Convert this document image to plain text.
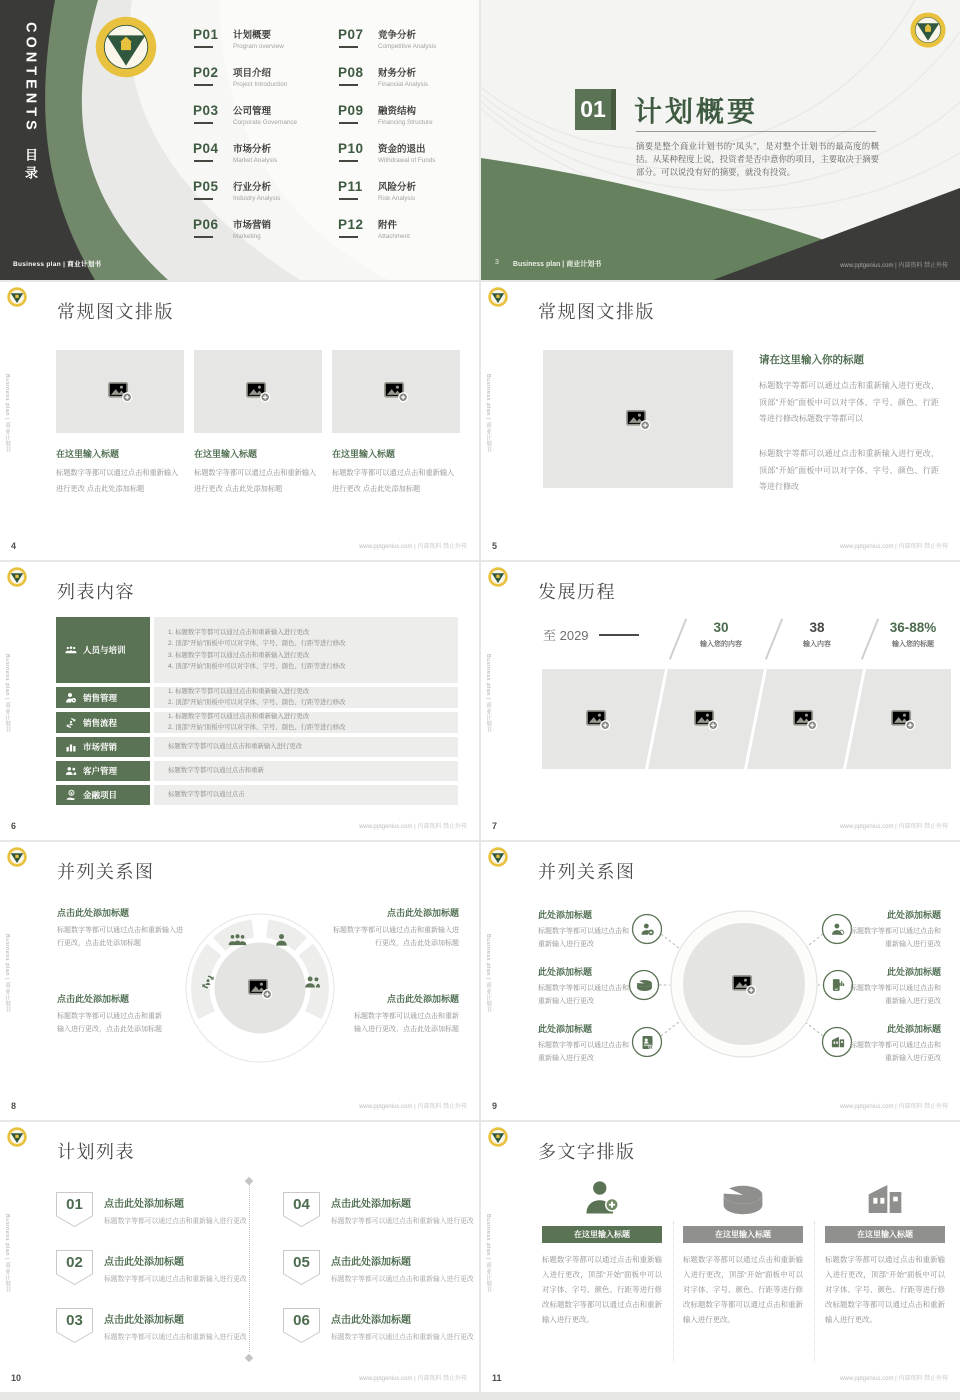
CONTENTS
目录
P01	计划概要
Program overview
P02	项目介绍
Project Introduction
P03	公司管理
Corporate Governance
P04	市场分析
Market Analysis
P05	行业分析
Industry Analysis
P06	市场营销
Marketing
P07	竞争分析
Competitive Analysis
P08	财务分析
Financial Analysis
P09	融资结构
Financing Structure
P10	资金的退出
Withdrawal of Funds
P11	风险分析
Risk Analysis
P12	附件
Attachment
Business plan | 商业计划书
01 计划概要

摘要是整个商业计划书的“凤头”，是对整个计划书的最高度的概括。从某种程度上说，投资者是否中意你的项目，主要取决于摘要部分。可以说没有好的摘要，就没有投资。

3 Business plan | 商业计划书	www.pptgenius.com | 内部资料 禁止外传
Business plan | 商业计划书
常规图文排版
在这里输入标题
标题数字等都可以通过点击和重新输入进行更改 点击此处添加标题
在这里输入标题
标题数字等都可以通过点击和重新输入进行更改 点击此处添加标题
在这里输入标题
标题数字等都可以通过点击和重新输入进行更改 点击此处添加标题
4	www.pptgenius.com | 内部资料 禁止外传
Business plan | 商业计划书
常规图文排版
请在这里输入你的标题

标题数字等都可以通过点击和重新输入进行更改，顶部“开始”面板中可以对字体、字号、颜色、行距等进行修改标题数字等都可以

标题数字等都可以通过点击和重新输入进行更改，顶部“开始”面板中可以对字体、字号、颜色、行距等进行修改

5	www.pptgenius.com | 内部资料 禁止外传
Business plan | 商业计划书
列表内容
人员与培训
1. 标题数字等都可以通过点击和重新输入进行更改
2. 顶部“开始”面板中可以对字体、字号、颜色、行距等进行修改
3. 标题数字等都可以通过点击和重新输入进行更改
4. 顶部“开始”面板中可以对字体、字号、颜色、行距等进行修改
销售管理
1. 标题数字等都可以通过点击和重新输入进行更改
2. 顶部“开始”面板中可以对字体、字号、颜色、行距等进行修改
销售流程
1. 标题数字等都可以通过点击和重新输入进行更改
2. 顶部“开始”面板中可以对字体、字号、颜色、行距等进行修改
市场营销	标题数字等都可以通过点击和重新输入进行更改
客户管理	标题数字等都可以通过点击和重新
金融项目	标题数字等都可以通过点击
6	www.pptgenius.com | 内部资料 禁止外传
Business plan | 商业计划书
发展历程
至 2029
30
输入您的内容
38
输入内容
36-88%
输入您的标题
7	www.pptgenius.com | 内部资料 禁止外传
Business plan | 商业计划书
并列关系图
点击此处添加标题
标题数字等都可以通过点击和重新输入进行更改，点击此处添加标题
点击此处添加标题
标题数字等都可以通过点击和重新输入进行更改，点击此处添加标题
点击此处添加标题
标题数字等都可以通过点击和重新输入进行更改，点击此处添加标题
点击此处添加标题
标题数字等都可以通过点击和重新输入进行更改，点击此处添加标题
8	www.pptgenius.com | 内部资料 禁止外传
Business plan | 商业计划书
并列关系图
此处添加标题
标题数字等都可以通过点击和重新输入进行更改
此处添加标题
标题数字等都可以通过点击和重新输入进行更改
此处添加标题
标题数字等都可以通过点击和重新输入进行更改
此处添加标题
标题数字等都可以通过点击和重新输入进行更改
此处添加标题
标题数字等都可以通过点击和重新输入进行更改
此处添加标题
标题数字等都可以通过点击和重新输入进行更改
9	www.pptgenius.com | 内部资料 禁止外传
Business plan | 商业计划书
计划列表
01	点击此处添加标题
标题数字等都可以通过点击和重新输入进行更改
02	点击此处添加标题
标题数字等都可以通过点击和重新输入进行更改
03	点击此处添加标题
标题数字等都可以通过点击和重新输入进行更改
04	点击此处添加标题
标题数字等都可以通过点击和重新输入进行更改
05	点击此处添加标题
标题数字等都可以通过点击和重新输入进行更改
06	点击此处添加标题
标题数字等都可以通过点击和重新输入进行更改
10	www.pptgenius.com | 内部资料 禁止外传
Business plan | 商业计划书
多文字排版
在这里输入标题
标题数字等都可以通过点击和重新输入进行更改，顶部“开始”面板中可以对字体、字号、颜色、行距等进行修改标题数字等都可以通过点击和重新输入进行更改。
在这里输入标题
标题数字等都可以通过点击和重新输入进行更改，顶部“开始”面板中可以对字体、字号、颜色、行距等进行修改标题数字等都可以通过点击和重新输入进行更改。
在这里输入标题
标题数字等都可以通过点击和重新输入进行更改，顶部“开始”面板中可以对字体、字号、颜色、行距等进行修改标题数字等都可以通过点击和重新输入进行更改。
11	www.pptgenius.com | 内部资料 禁止外传
